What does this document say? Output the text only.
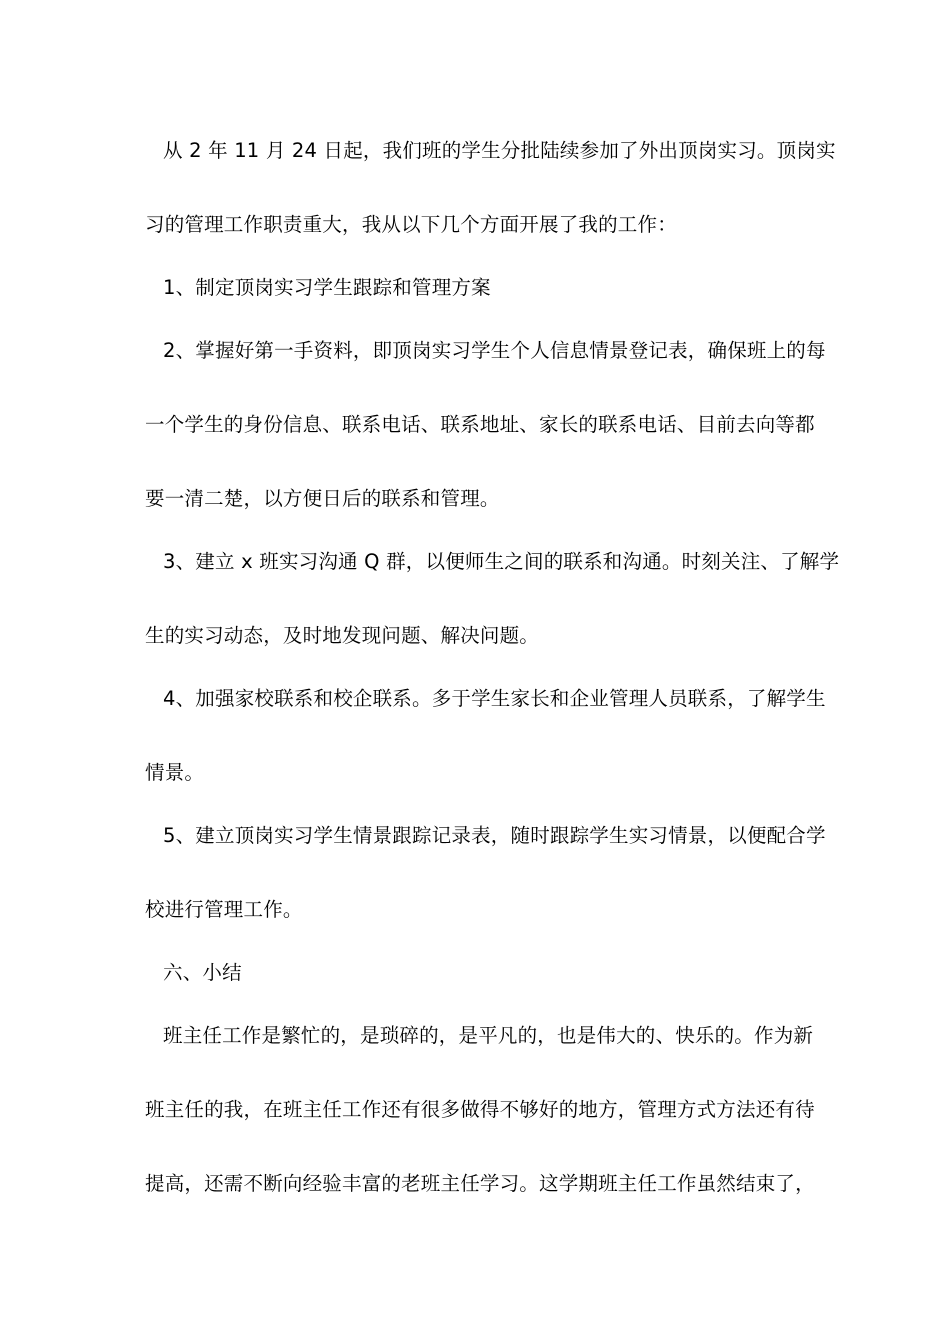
从 2 年 11 月 24 日起，我们班的学生分批陆续参加了外出顶岗实习。顶岗实
习的管理工作职责重大，我从以下几个方面开展了我的工作：
1、制定顶岗实习学生跟踪和管理方案
2、掌握好第一手资料，即顶岗实习学生个人信息情景登记表，确保班上的每
一个学生的身份信息、联系电话、联系地址、家长的联系电话、目前去向等都
要一清二楚，以方便日后的联系和管理。
3、建立 x 班实习沟通 Q 群，以便师生之间的联系和沟通。时刻关注、了解学
生的实习动态，及时地发现问题、解决问题。
4、加强家校联系和校企联系。多于学生家长和企业管理人员联系，了解学生
情景。
5、建立顶岗实习学生情景跟踪记录表，随时跟踪学生实习情景，以便配合学
校进行管理工作。
六、小结
班主任工作是繁忙的，是琐碎的，是平凡的，也是伟大的、快乐的。作为新
班主任的我，在班主任工作还有很多做得不够好的地方，管理方式方法还有待
提高，还需不断向经验丰富的老班主任学习。这学期班主任工作虽然结束了，
